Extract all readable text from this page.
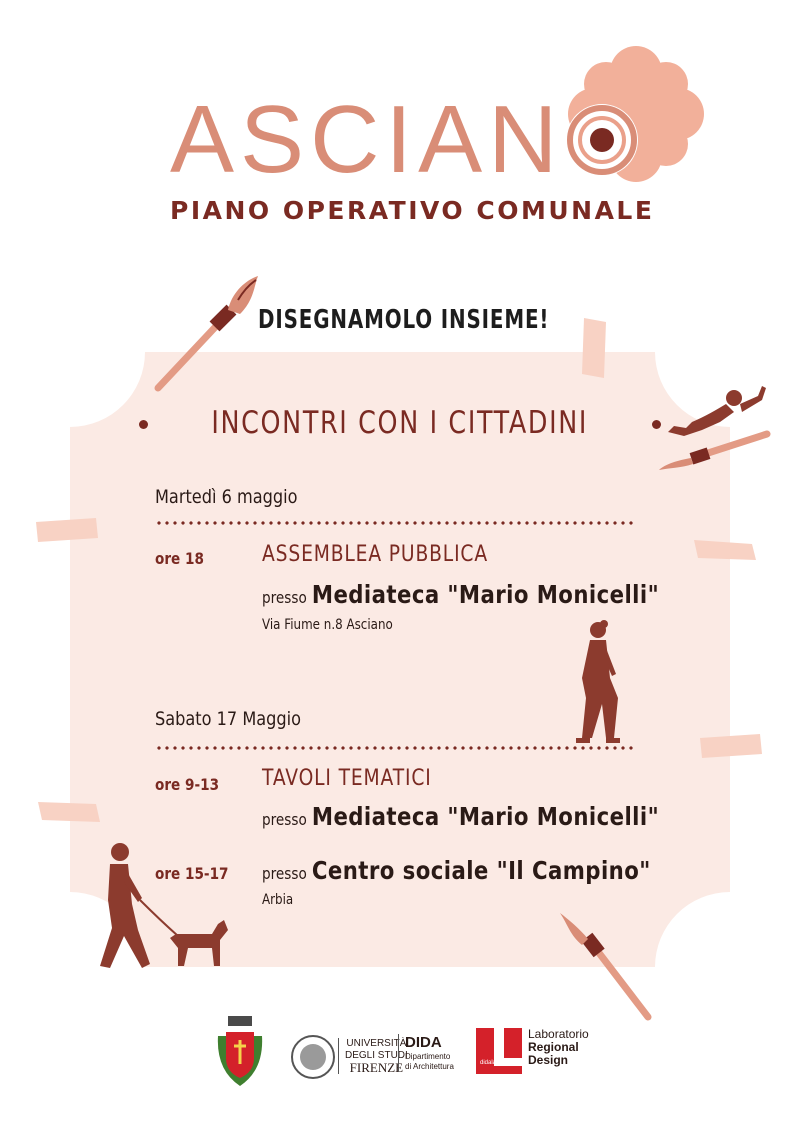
ASCIAN
PIANO OPERATIVO COMUNALE
DISEGNAMOLO INSIEME!
INCONTRI CON I CITTADINI
Martedì 6 maggio
ore 18	ASSEMBLEA PUBBLICA
presso Mediateca "Mario Monicelli"
Via Fiume n.8 Asciano
Sabato 17 Maggio
ore 9-13 TAVOLI TEMATICI
presso Mediateca "Mario Monicelli"
ore 15-17 presso Centro sociale "Il Campino"
Arbia
UNIVERSITÀ
DEGLI STUDI
FIRENZE
DIDA
Dipartimento
di Architettura	didalabs
Laboratorio
Regional
Design
